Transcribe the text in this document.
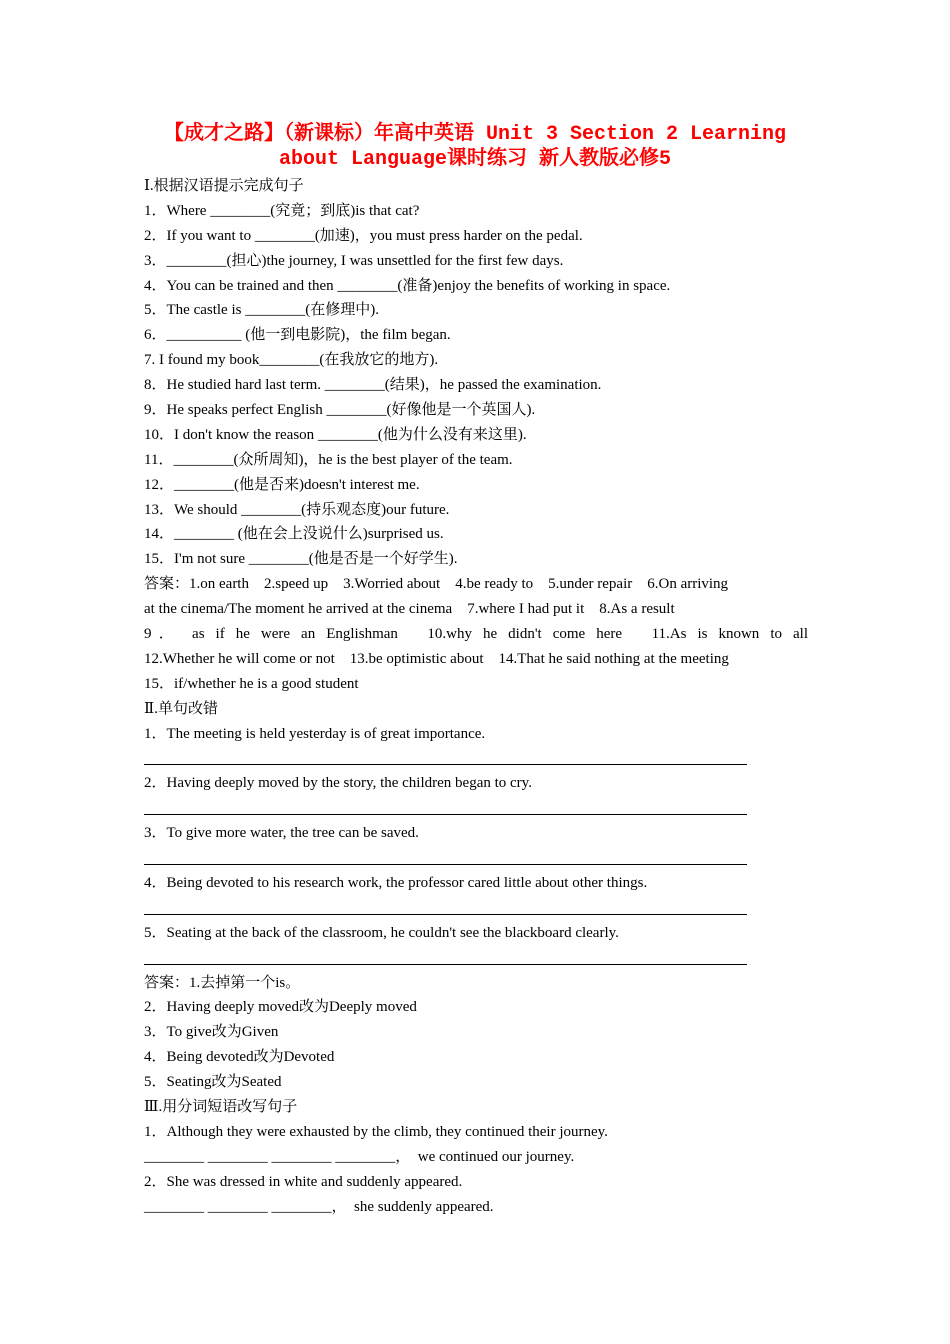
【成才之路】（新课标）年高中英语 Unit 3 Section 2 Learning
about Language课时练习 新人教版必修5
Ⅰ.根据汉语提示完成句子
1．Where ________(究竟；到底)is that cat?
2．If you want to ________(加速)，you must press harder on the pedal.
3．________(担心)the journey, I was unsettled for the first few days.
4．You can be trained and then ________(准备)enjoy the benefits of working in space.
5．The castle is ________(在修理中).
6．__________ (他一到电影院)，the film began.
7. I found my book________(在我放它的地方).
8．He studied hard last term. ________(结果)，he passed the examination.
9．He speaks perfect English ________(好像他是一个英国人).
10．I don't know the reason ________(他为什么没有来这里).
11．________(众所周知)，he is the best player of the team.
12．________(他是否来)doesn't interest me.
13．We should ________(持乐观态度)our future.
14．________ (他在会上没说什么)surprised us.
15．I'm not sure ________(他是否是一个好学生).
答案：1.on earth　2.speed up　3.Worried about　4.be ready to　5.under repair　6.On arriving
at the cinema/The moment he arrived at the cinema　7.where I had put it　8.As a result
9． as if he were an Englishman　10.why he didn't come here　11.As is known to all
12.Whether he will come or not　13.be optimistic about　14.That he said nothing at the meeting
15．if/whether he is a good student
Ⅱ.单句改错
1．The meeting is held yesterday is of great importance.
2．Having deeply moved by the story, the children began to cry.
3．To give more water, the tree can be saved.
4．Being devoted to his research work, the professor cared little about other things.
5．Seating at the back of the classroom, he couldn't see the blackboard clearly.
答案：1.去掉第一个is。
2．Having deeply moved改为Deeply moved
3．To give改为Given
4．Being devoted改为Devoted
5．Seating改为Seated
Ⅲ.用分词短语改写句子
1．Although they were exhausted by the climb, they continued their journey.
________ ________ ________ ________，  we continued our journey.
2．She was dressed in white and suddenly appeared.
________ ________ ________，  she suddenly appeared.
